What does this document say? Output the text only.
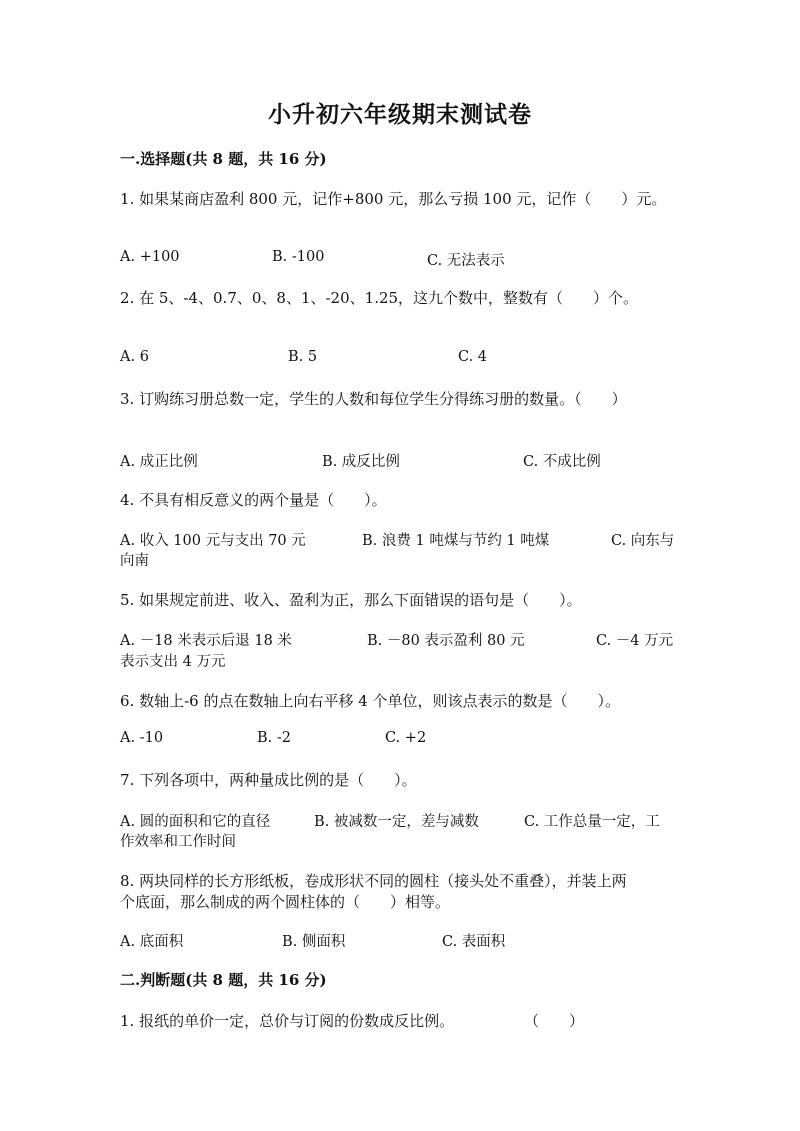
小升初六年级期末测试卷
一.选择题(共 8 题，共 16 分)
1. 如果某商店盈利 800 元，记作+800 元，那么亏损 100 元，记作（　　）元。
A. +100	B. -100	C. 无法表示
2. 在 5、-4、0.7、0、8、1、-20、1.25，这九个数中，整数有（　　）个。
A. 6	B. 5	C. 4
3. 订购练习册总数一定，学生的人数和每位学生分得练习册的数量。（　　）
A. 成正比例	B. 成反比例	C. 不成比例
4. 不具有相反意义的两个量是（　　）。
A. 收入 100 元与支出 70 元	B. 浪费 1 吨煤与节约 1 吨煤	C. 向东与
向南
5. 如果规定前进、收入、盈利为正，那么下面错误的语句是（　　）。
A. －18 米表示后退 18 米	B. －80 表示盈利 80 元	C. －4 万元
表示支出 4 万元
6. 数轴上-6 的点在数轴上向右平移 4 个单位，则该点表示的数是（　　）。
A. -10	B. -2	C. +2
7. 下列各项中，两种量成比例的是（　　）。
A. 圆的面积和它的直径	B. 被减数一定，差与减数	C. 工作总量一定，工
作效率和工作时间
8. 两块同样的长方形纸板，卷成形状不同的圆柱（接头处不重叠），并装上两
个底面，那么制成的两个圆柱体的（　　）相等。
A. 底面积	B. 侧面积	C. 表面积
二.判断题(共 8 题，共 16 分)
1. 报纸的单价一定，总价与订阅的份数成反比例。	（　　）
